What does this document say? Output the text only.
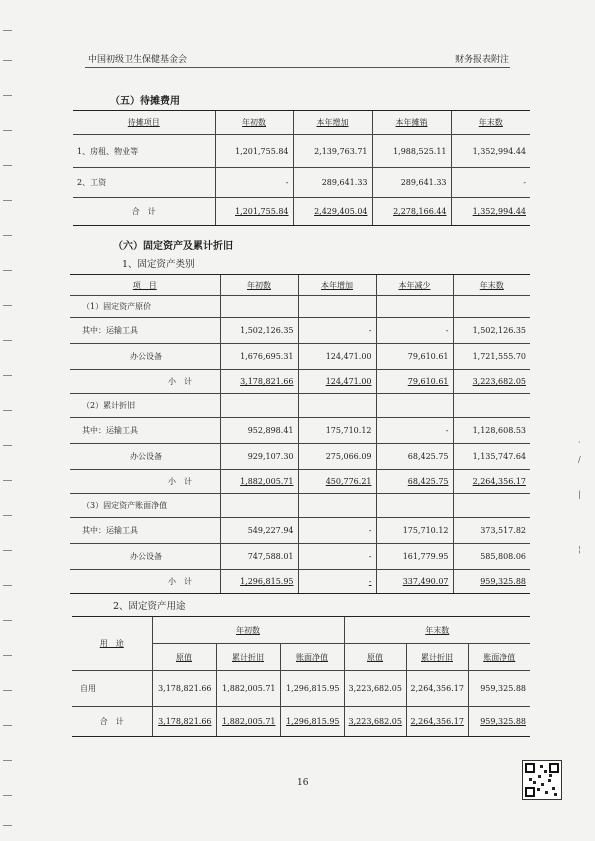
中国初级卫生保健基金会	财务报表附注
（五）待摊费用
待摊项目	年初数	本年增加	本年摊销	年末数
1、房租、物业等	1,201,755.84	2,139,763.71	1,988,525.11	1,352,994.44
2、工资	-	289,641.33	289,641.33	-
合　计	1,201,755.84	2,429,405.04	2,278,166.44	1,352,994.44
（六）固定资产及累计折旧
1、固定资产类别
项　目	年初数	本年增加	本年减少	年末数
（1）固定资产原价				
其中：运输工具	1,502,126.35	-	-	1,502,126.35
办公设备	1,676,695.31	124,471.00	79,610.61	1,721,555.70
小　计	3,178,821.66	124,471.00	79,610.61	3,223,682.05
（2）累计折旧				
其中：运输工具	952,898.41	175,710.12	-	1,128,608.53
办公设备	929,107.30	275,066.09	68,425.75	1,135,747.64
小　计	1,882,005.71	450,776.21	68,425.75	2,264,356.17
（3）固定资产账面净值				
其中：运输工具	549,227.94	-	175,710.12	373,517.82
办公设备	747,588.01	-	161,779.95	585,808.06
小　计	1,296,815.95	-	337,490.07	959,325.88
2、固定资产用途
用　途	年初数			年末数		
	原值	累计折旧	账面净值	原值	累计折旧	账面净值
自用	3,178,821.66	1,882,005.71	1,296,815.95	3,223,682.05	2,264,356.17	959,325.88
合　计	3,178,821.66	1,882,005.71	1,296,815.95	3,223,682.05	2,264,356.17	959,325.88
16
·
/
|
¦
